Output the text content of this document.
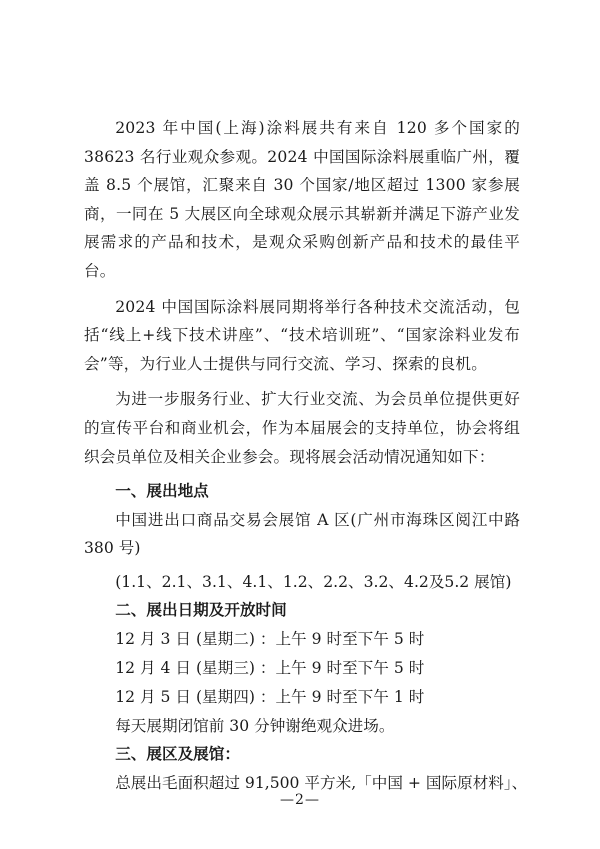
2023 年中国(上海)涂料展共有来自 120 多个国家的 38623 名行业观众参观。2024 中国国际涂料展重临广州，覆盖 8.5 个展馆，汇聚来自 30 个国家/地区超过 1300 家参展商，一同在 5 大展区向全球观众展示其崭新并满足下游产业发展需求的产品和技术，是观众采购创新产品和技术的最佳平台。

2024 中国国际涂料展同期将举行各种技术交流活动，包括“线上+线下技术讲座”、“技术培训班”、“国家涂料业发布会”等，为行业人士提供与同行交流、学习、探索的良机。

为进一步服务行业、扩大行业交流、为会员单位提供更好的宣传平台和商业机会，作为本届展会的支持单位，协会将组织会员单位及相关企业参会。现将展会活动情况通知如下：

一、展出地点
中国进出口商品交易会展馆 A 区(广州市海珠区阅江中路 380 号)
(1.1、2.1、3.1、4.1、1.2、2.2、3.2、4.2及5.2 展馆)
二、展出日期及开放时间
12 月 3 日 (星期二) ：上午 9 时至下午 5 时
12 月 4 日 (星期三) ：上午 9 时至下午 5 时
12 月 5 日 (星期四) ：上午 9 时至下午 1 时
每天展期闭馆前 30 分钟谢绝观众进场。
三、展区及展馆：
总展出毛面积超过 91,500 平方米,「中国 + 国际原材料」、
—2—
